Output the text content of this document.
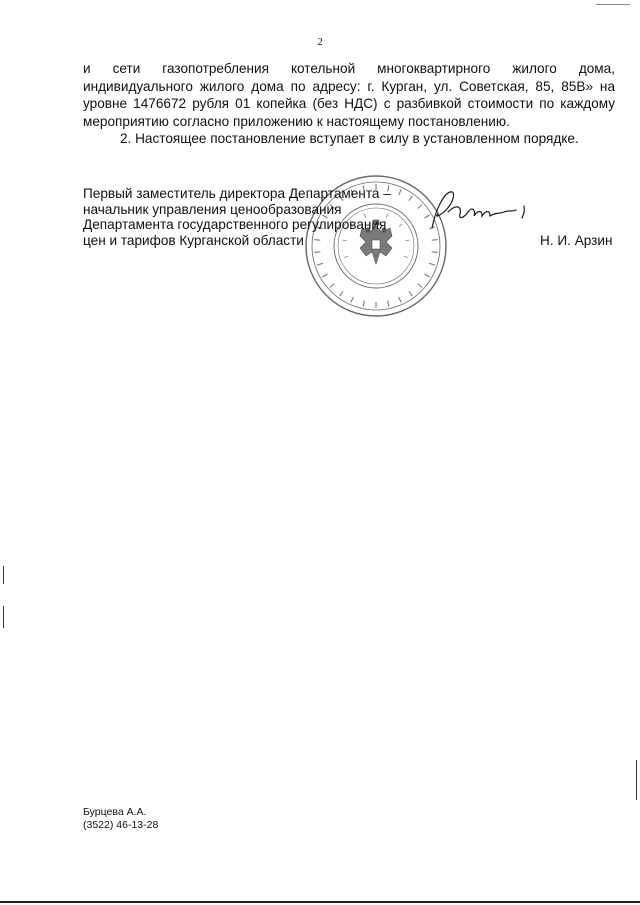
2

и сети газопотребления котельной многоквартирного жилого дома, индивидуального жилого дома по адресу: г. Курган, ул. Советская, 85, 85В» на уровне 1476672 рубля 01 копейка (без НДС) с разбивкой стоимости по каждому мероприятию согласно приложению к настоящему постановлению.

2. Настоящее постановление вступает в силу в установленном порядке.

Первый заместитель директора Департамента –
начальник управления ценообразования
Департамента государственного регулирования
цен и тарифов Курганской области	Н. И. Арзин
Бурцева А.А.
(3522) 46-13-28
